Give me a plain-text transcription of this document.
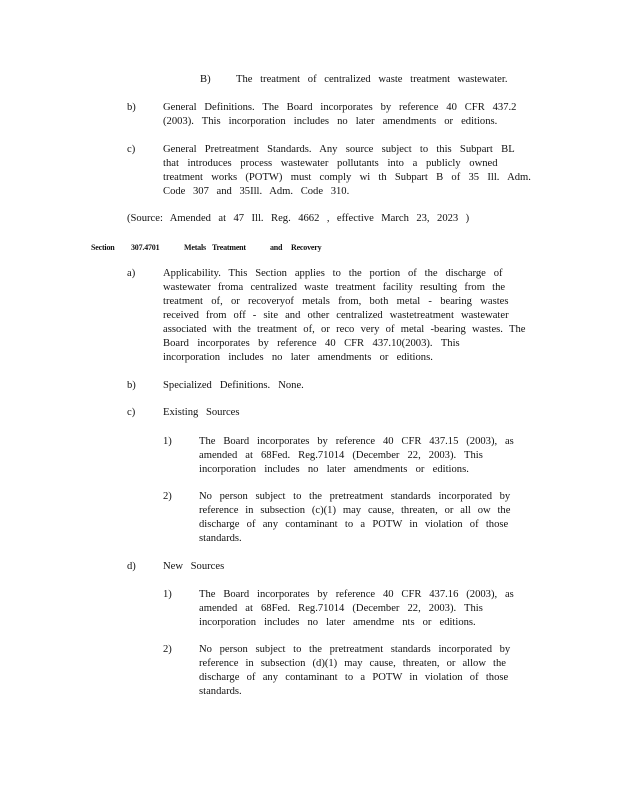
B) The treatment of centralized waste treatment wastewater.
b)	General Definitions. The Board incorporates by reference 40 CFR 437.2
(2003). This incorporation includes no later amendments or editions.
c)	General Pretreatment Standards. Any source subject to this Subpart BL
that introduces process wastewater pollutants into a publicly owned
treatment works (POTW) must comply wi th Subpart B of 35 Ill. Adm.
Code 307 and 35Ill. Adm. Code 310.
(Source: Amended at 47 Ill. Reg. 4662 , effective March 23, 2023 )
Section 307.4701	Metals Treatment	and Recovery
a)	Applicability. This Section applies to the portion of the discharge of
wastewater froma centralized waste treatment facility resulting from the
treatment of, or recoveryof metals from, both metal - bearing wastes
received from off - site and other centralized wastetreatment wastewater
associated with the treatment of, or reco very of metal -bearing wastes. The
Board incorporates by reference 40 CFR 437.10(2003). This
incorporation includes no later amendments or editions.
b)	Specialized Definitions. None.
c)	Existing Sources
1)	The Board incorporates by reference 40 CFR 437.15 (2003), as
amended at 68Fed. Reg.71014 (December 22, 2003). This
incorporation includes no later amendments or editions.
2)	No person subject to the pretreatment standards incorporated by
reference in subsection (c)(1) may cause, threaten, or all ow the
discharge of any contaminant to a POTW in violation of those
standards.
d)	New Sources
1)	The Board incorporates by reference 40 CFR 437.16 (2003), as
amended at 68Fed. Reg.71014 (December 22, 2003). This
incorporation includes no later amendme nts or editions.
2)	No person subject to the pretreatment standards incorporated by
reference in subsection (d)(1) may cause, threaten, or allow the
discharge of any contaminant to a POTW in violation of those
standards.
